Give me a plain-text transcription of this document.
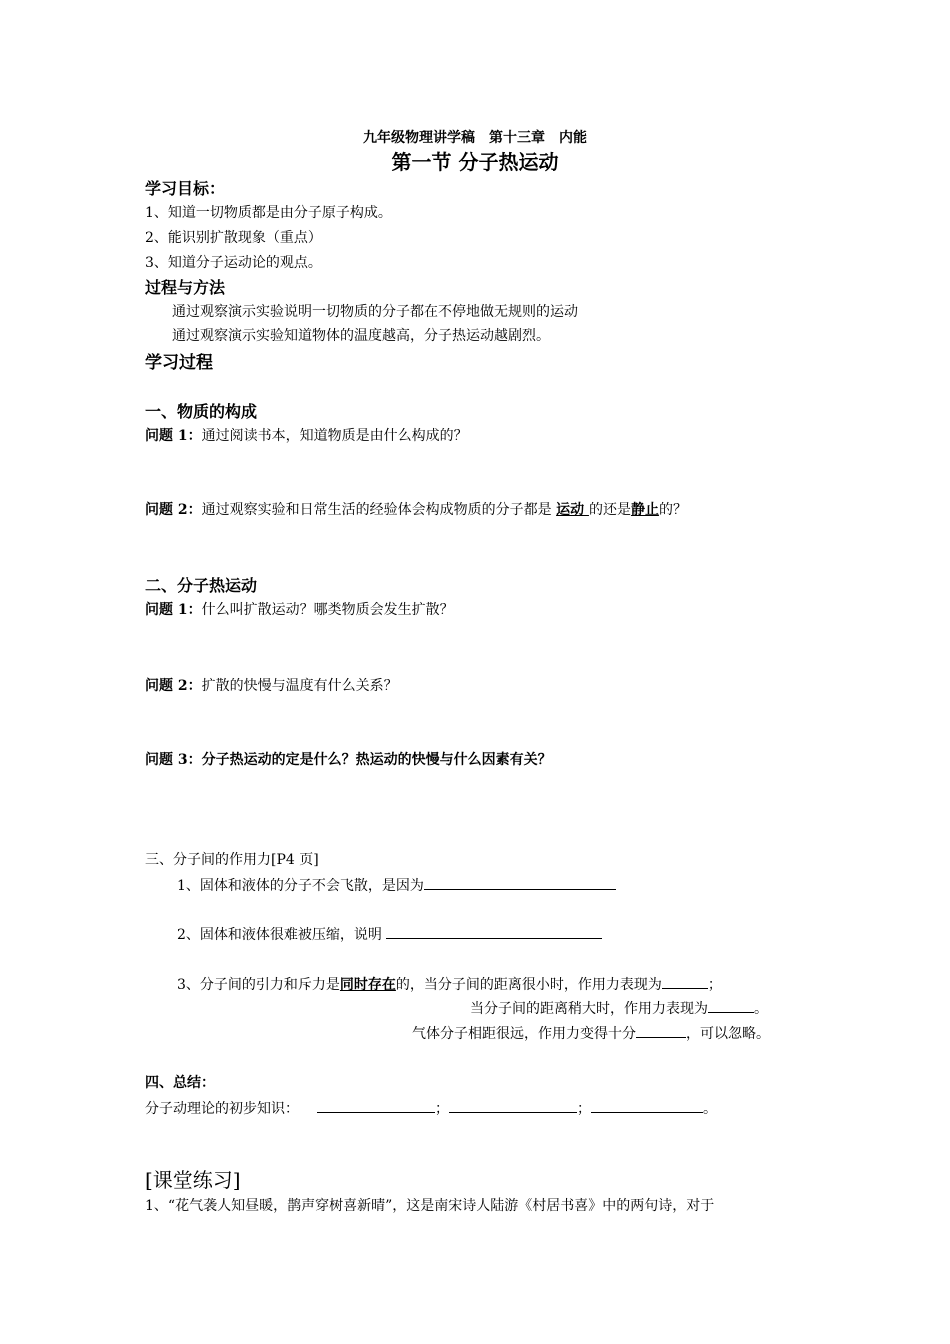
九年级物理讲学稿　第十三章　内能
第一节 分子热运动
学习目标：
1、知道一切物质都是由分子原子构成。
2、能识别扩散现象（重点）
3、知道分子运动论的观点。
过程与方法
通过观察演示实验说明一切物质的分子都在不停地做无规则的运动
通过观察演示实验知道物体的温度越高，分子热运动越剧烈。
学习过程
一、物质的构成
问题 1：通过阅读书本，知道物质是由什么构成的？
问题 2：通过观察实验和日常生活的经验体会构成物质的分子都是 运动 的还是静止的？
二、分子热运动
问题 1：什么叫扩散运动？哪类物质会发生扩散？
问题 2：扩散的快慢与温度有什么关系？
问题 3：分子热运动的定是什么？热运动的快慢与什么因素有关？
三、分子间的作用力[P4 页]
1、固体和液体的分子不会飞散，是因为
2、固体和液体很难被压缩，说明
3、分子间的引力和斥力是同时存在的，当分子间的距离很小时，作用力表现为	；
当分子间的距离稍大时，作用力表现为	。
气体分子相距很远，作用力变得十分	，可以忽略。
四、总结：
分子动理论的初步知识：	；	；	。
[课堂练习]
1、“花气袭人知昼暖，鹊声穿树喜新晴”，这是南宋诗人陆游《村居书喜》中的两句诗，对于
